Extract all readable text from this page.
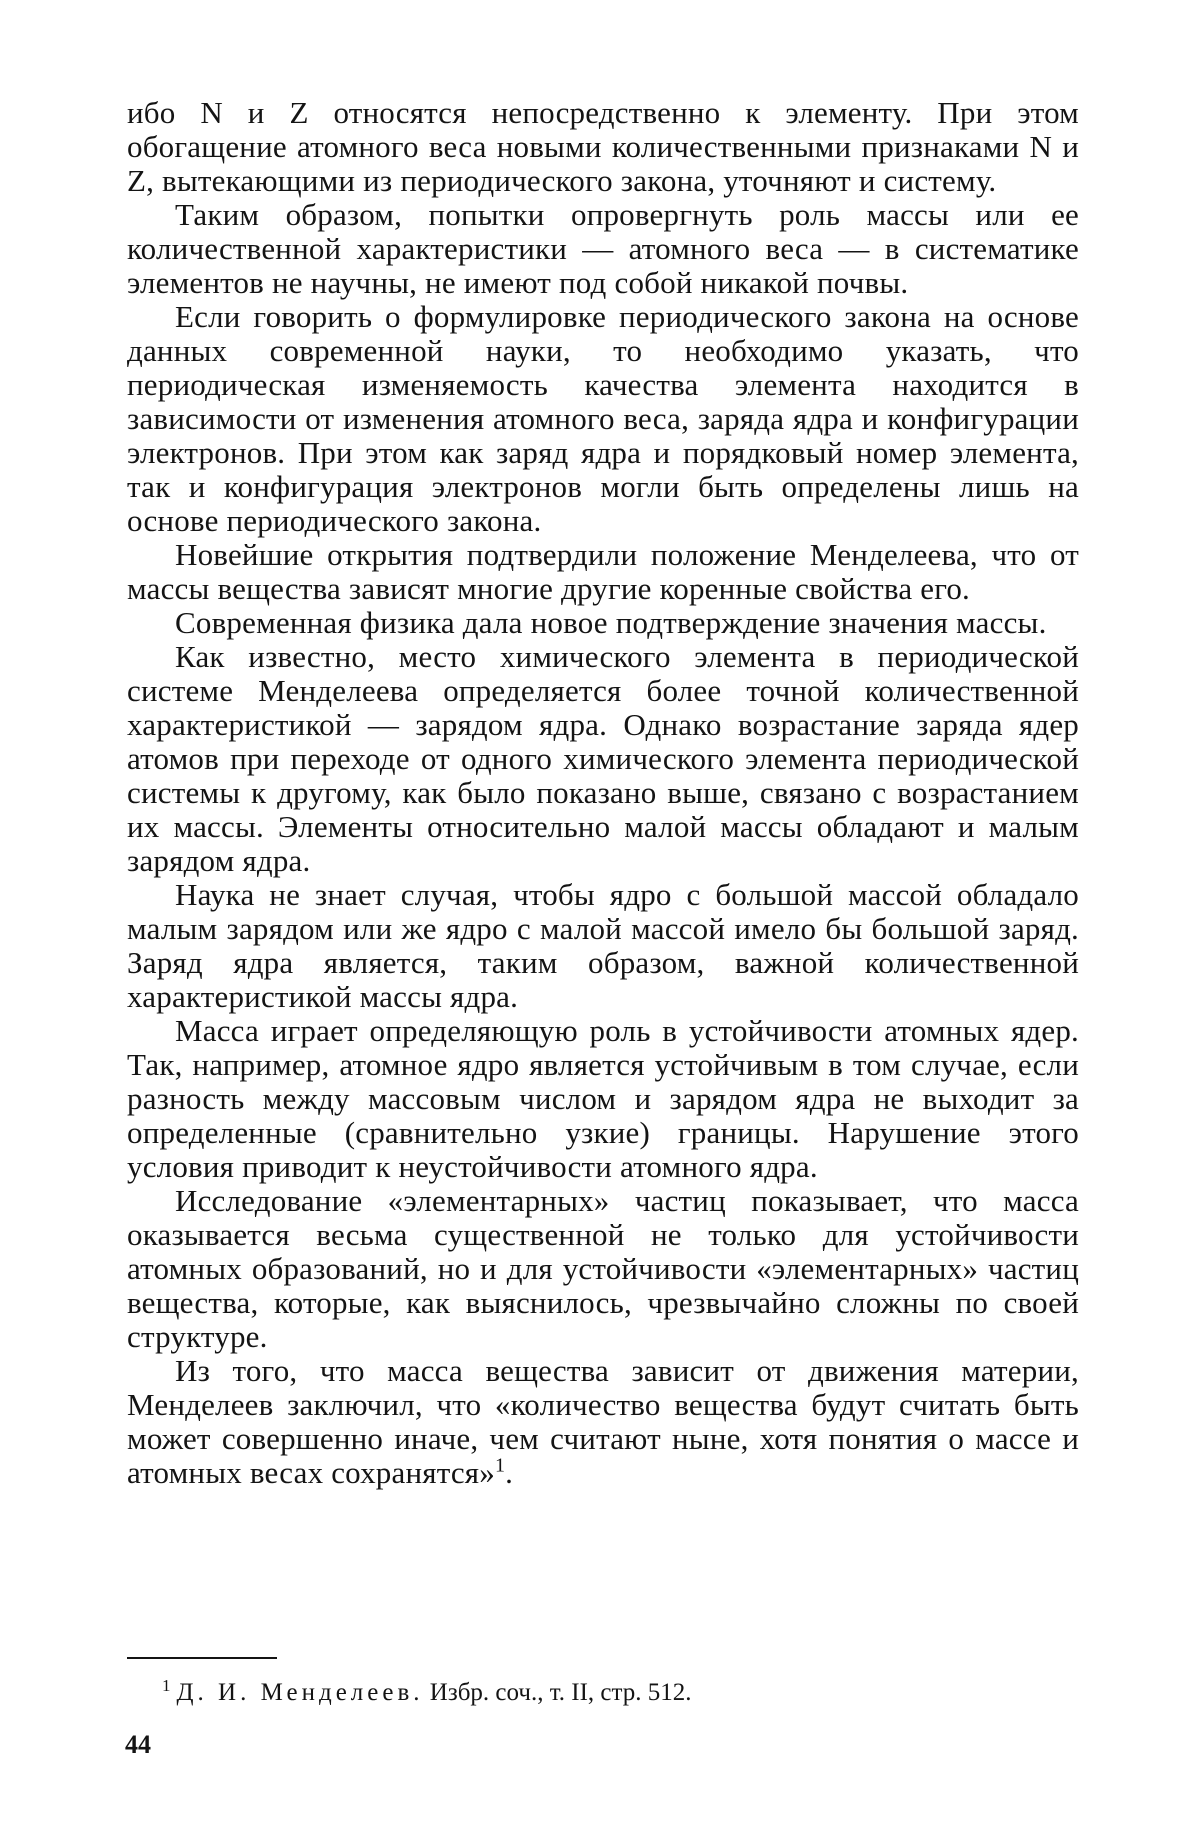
ибо N и Z относятся непосредственно к элементу. При этом обогащение атомного веса новыми количественными признаками N и Z, вытекающими из периодического закона, уточняют и систему.

Таким образом, попытки опровергнуть роль массы или ее количественной характеристики — атомного веса — в систематике элементов не научны, не имеют под собой никакой почвы.

Если говорить о формулировке периодического закона на основе данных современной науки, то необходимо указать, что периодическая изменяемость качества элемента находится в зависимости от изменения атомного веса, заряда ядра и конфигурации электронов. При этом как заряд ядра и порядковый номер элемента, так и конфигурация электронов могли быть определены лишь на основе периодического закона.

Новейшие открытия подтвердили положение Менделеева, что от массы вещества зависят многие другие коренные свойства его.

Современная физика дала новое подтверждение значения массы.

Как известно, место химического элемента в периодической системе Менделеева определяется более точной количественной характеристикой — зарядом ядра. Однако возрастание заряда ядер атомов при переходе от одного химического элемента периодической системы к другому, как было показано выше, связано с возрастанием их массы. Элементы относительно малой массы обладают и малым зарядом ядра.

Наука не знает случая, чтобы ядро с большой массой обладало малым зарядом или же ядро с малой массой имело бы большой заряд. Заряд ядра является, таким образом, важной количественной характеристикой массы ядра.

Масса играет определяющую роль в устойчивости атомных ядер. Так, например, атомное ядро является устойчивым в том случае, если разность между массовым числом и зарядом ядра не выходит за определенные (сравнительно узкие) границы. Нарушение этого условия приводит к неустойчивости атомного ядра.

Исследование «элементарных» частиц показывает, что масса оказывается весьма существенной не только для устойчивости атомных образований, но и для устойчивости «элементарных» частиц вещества, которые, как выяснилось, чрезвычайно сложны по своей структуре.

Из того, что масса вещества зависит от движения материи, Менделеев заключил, что «количество вещества будут считать быть может совершенно иначе, чем считают ныне, хотя понятия о массе и атомных весах сохранятся»$^1$.

$^1$ Д. И. Менделеев. Избр. соч., т. II, стр. 512.
44
